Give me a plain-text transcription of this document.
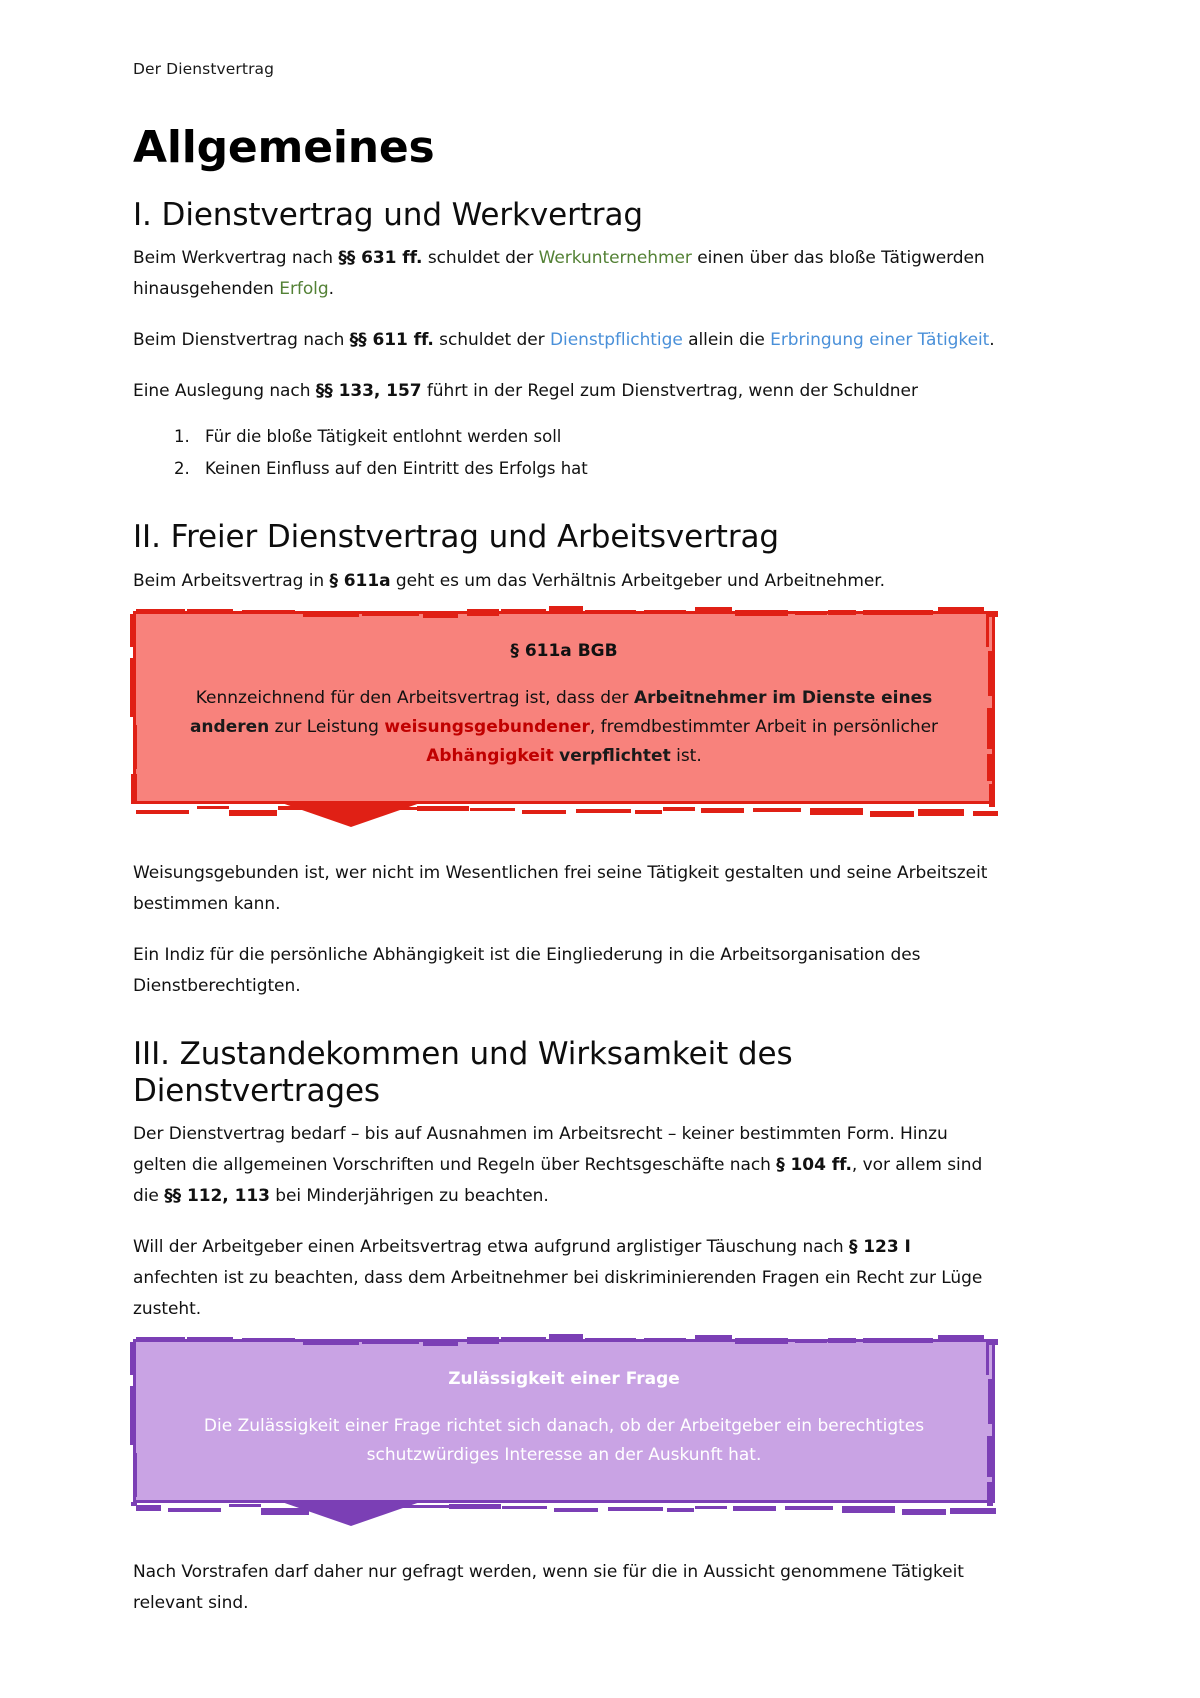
Der Dienstvertrag
Allgemeines
I. Dienstvertrag und Werkvertrag

Beim Werkvertrag nach §§ 631 ff. schuldet der Werkunternehmer einen über das bloße Tätigwerden hinausgehenden Erfolg.

Beim Dienstvertrag nach §§ 611 ff. schuldet der Dienstpflichtige allein die Erbringung einer Tätigkeit.

Eine Auslegung nach §§ 133, 157 führt in der Regel zum Dienstvertrag, wenn der Schuldner

1. Für die bloße Tätigkeit entlohnt werden soll
2. Keinen Einfluss auf den Eintritt des Erfolgs hat
II. Freier Dienstvertrag und Arbeitsvertrag

Beim Arbeitsvertrag in § 611a geht es um das Verhältnis Arbeitgeber und Arbeitnehmer.

§ 611a BGB

Kennzeichnend für den Arbeitsvertrag ist, dass der Arbeitnehmer im Dienste eines anderen zur Leistung weisungsgebundener, fremdbestimmter Arbeit in persönlicher Abhängigkeit verpflichtet ist.

Weisungsgebunden ist, wer nicht im Wesentlichen frei seine Tätigkeit gestalten und seine Arbeitszeit bestimmen kann.

Ein Indiz für die persönliche Abhängigkeit ist die Eingliederung in die Arbeitsorganisation des Dienstberechtigten.

III. Zustandekommen und Wirksamkeit des Dienstvertrages

Der Dienstvertrag bedarf – bis auf Ausnahmen im Arbeitsrecht – keiner bestimmten Form. Hinzu gelten die allgemeinen Vorschriften und Regeln über Rechtsgeschäfte nach § 104 ff., vor allem sind die §§ 112, 113 bei Minderjährigen zu beachten.

Will der Arbeitgeber einen Arbeitsvertrag etwa aufgrund arglistiger Täuschung nach § 123 I anfechten ist zu beachten, dass dem Arbeitnehmer bei diskriminierenden Fragen ein Recht zur Lüge zusteht.

Zulässigkeit einer Frage

Die Zulässigkeit einer Frage richtet sich danach, ob der Arbeitgeber ein berechtigtes schutzwürdiges Interesse an der Auskunft hat.

Nach Vorstrafen darf daher nur gefragt werden, wenn sie für die in Aussicht genommene Tätigkeit relevant sind.
